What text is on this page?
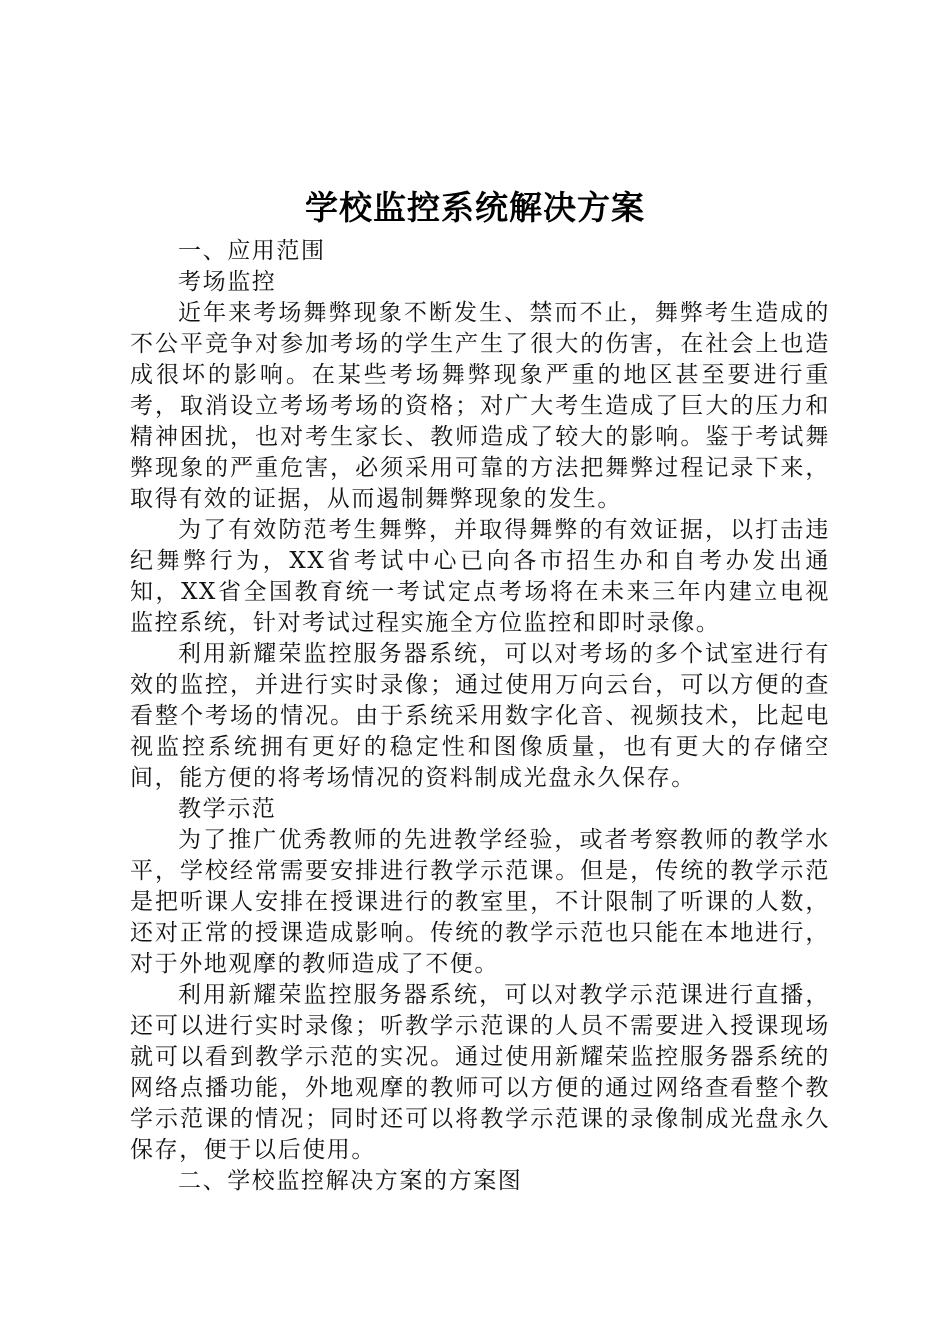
学校监控系统解决方案

一、应用范围

考场监控

近年来考场舞弊现象不断发生、禁而不止，舞弊考生造成的不公平竞争对参加考场的学生产生了很大的伤害，在社会上也造成很坏的影响。在某些考场舞弊现象严重的地区甚至要进行重考，取消设立考场考场的资格；对广大考生造成了巨大的压力和精神困扰，也对考生家长、教师造成了较大的影响。鉴于考试舞弊现象的严重危害，必须采用可靠的方法把舞弊过程记录下来，取得有效的证据，从而遏制舞弊现象的发生。

为了有效防范考生舞弊，并取得舞弊的有效证据，以打击违纪舞弊行为，XX省考试中心已向各市招生办和自考办发出通知，XX省全国教育统一考试定点考场将在未来三年内建立电视监控系统，针对考试过程实施全方位监控和即时录像。

利用新耀荣监控服务器系统，可以对考场的多个试室进行有效的监控，并进行实时录像；通过使用万向云台，可以方便的查看整个考场的情况。由于系统采用数字化音、视频技术，比起电视监控系统拥有更好的稳定性和图像质量，也有更大的存储空间，能方便的将考场情况的资料制成光盘永久保存。

教学示范

为了推广优秀教师的先进教学经验，或者考察教师的教学水平，学校经常需要安排进行教学示范课。但是，传统的教学示范是把听课人安排在授课进行的教室里，不计限制了听课的人数，还对正常的授课造成影响。传统的教学示范也只能在本地进行，对于外地观摩的教师造成了不便。

利用新耀荣监控服务器系统，可以对教学示范课进行直播，还可以进行实时录像；听教学示范课的人员不需要进入授课现场就可以看到教学示范的实况。通过使用新耀荣监控服务器系统的网络点播功能，外地观摩的教师可以方便的通过网络查看整个教学示范课的情况；同时还可以将教学示范课的录像制成光盘永久保存，便于以后使用。

二、学校监控解决方案的方案图
